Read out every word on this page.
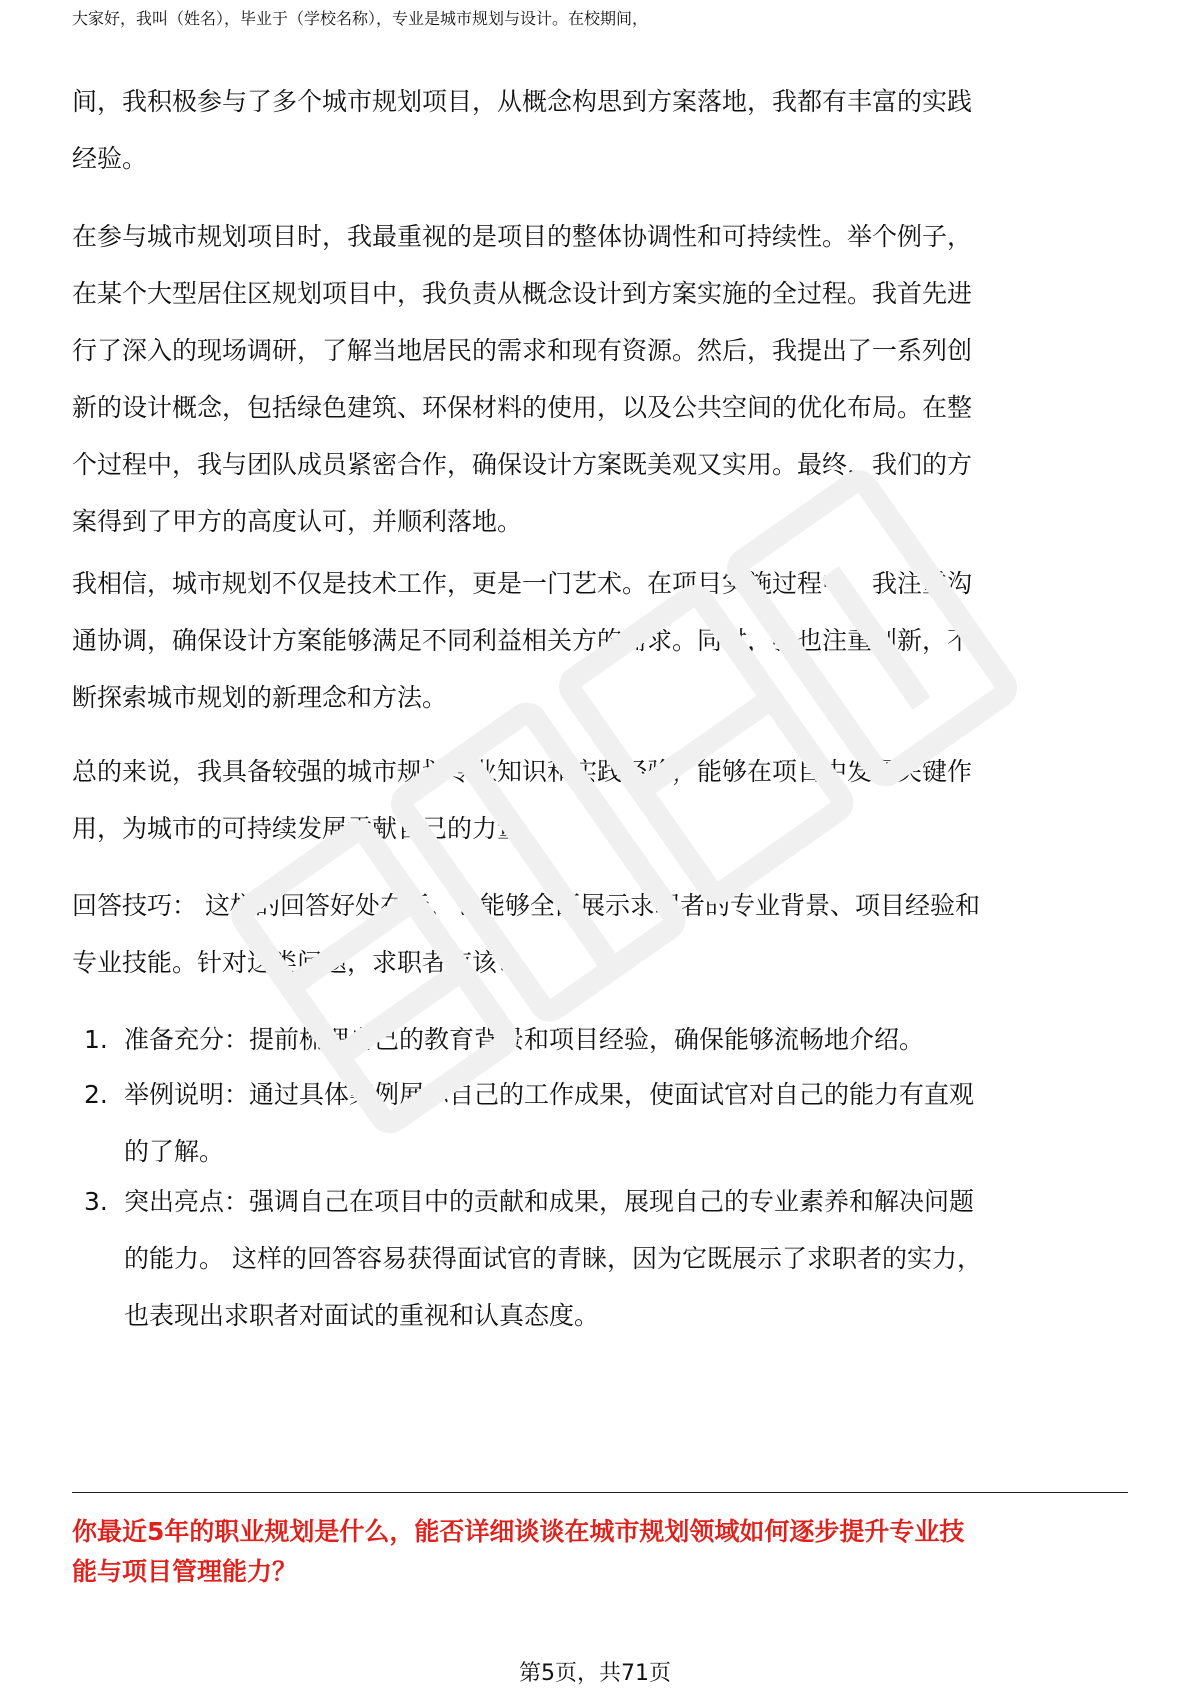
大家好，我叫（姓名），毕业于（学校名称），专业是城市规划与设计。在校期间，
间，我积极参与了多个城市规划项目，从概念构思到方案落地，我都有丰富的实践
经验。
在参与城市规划项目时，我最重视的是项目的整体协调性和可持续性。举个例子，
在某个大型居住区规划项目中，我负责从概念设计到方案实施的全过程。我首先进
行了深入的现场调研，了解当地居民的需求和现有资源。然后，我提出了一系列创
新的设计概念，包括绿色建筑、环保材料的使用，以及公共空间的优化布局。在整
个过程中，我与团队成员紧密合作，确保设计方案既美观又实用。最终，我们的方
案得到了甲方的高度认可，并顺利落地。
我相信，城市规划不仅是技术工作，更是一门艺术。在项目实施过程中，我注重沟
通协调，确保设计方案能够满足不同利益相关方的需求。同时，我也注重创新，不
断探索城市规划的新理念和方法。
总的来说，我具备较强的城市规划专业知识和实践经验，能够在项目中发挥关键作
用，为城市的可持续发展贡献自己的力量。
回答技巧： 这样的回答好处在于，它能够全面展示求职者的专业背景、项目经验和
专业技能。针对这类问题，求职者应该：
1. 准备充分：提前梳理自己的教育背景和项目经验，确保能够流畅地介绍。
2. 举例说明：通过具体案例展示自己的工作成果，使面试官对自己的能力有直观
的了解。
3. 突出亮点：强调自己在项目中的贡献和成果，展现自己的专业素养和解决问题
的能力。 这样的回答容易获得面试官的青睐，因为它既展示了求职者的实力，
也表现出求职者对面试的重视和认真态度。
你最近5年的职业规划是什么，能否详细谈谈在城市规划领域如何逐步提升专业技
能与项目管理能力？
第5页，共71页
